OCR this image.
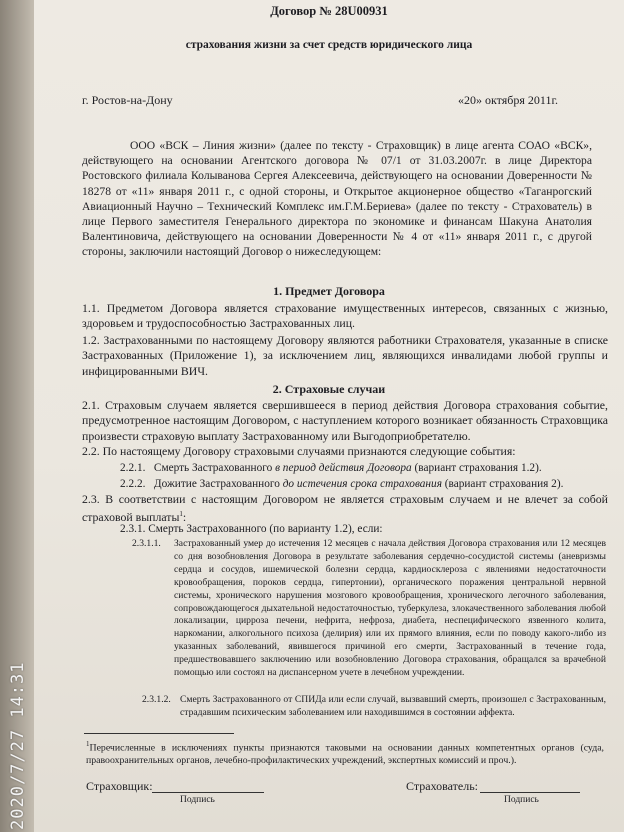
Договор № 28U00931
страхования жизни за счет средств юридического лица
г. Ростов-на-Дону	«20» октября 2011г.
ООО «ВСК – Линия жизни» (далее по тексту - Страховщик) в лице агента СОАО «ВСК», действующего на основании Агентского договора № 07/1 от 31.03.2007г. в лице Директора Ростовского филиала Колыванова Сергея Алексеевича, действующего на основании Доверенности № 18278 от «11» января 2011 г., с одной стороны, и Открытое акционерное общество «Таганрогский Авиационный Научно – Технический Комплекс им.Г.М.Бериева» (далее по тексту - Страхователь) в лице Первого заместителя Генерального директора по экономике и финансам Шакуна Анатолия Валентиновича, действующего на основании Доверенности № 4 от «11» января 2011 г., с другой стороны, заключили настоящий Договор о нижеследующем:
1. Предмет Договора
1.1. Предметом Договора является страхование имущественных интересов, связанных с жизнью, здоровьем и трудоспособностью Застрахованных лиц.
1.2. Застрахованными по настоящему Договору являются работники Страхователя, указанные в списке Застрахованных (Приложение 1), за исключением лиц, являющихся инвалидами любой группы и инфицированными ВИЧ.
2. Страховые случаи
2.1. Страховым случаем является свершившееся в период действия Договора страхования событие, предусмотренное настоящим Договором, с наступлением которого возникает обязанность Страховщика произвести страховую выплату Застрахованному или Выгодоприобретателю.
2.2. По настоящему Договору страховыми случаями признаются следующие события:
2.2.1. Смерть Застрахованного в период действия Договора (вариант страхования 1.2).
2.2.2. Дожитие Застрахованного до истечения срока страхования (вариант страхования 2).
2.3. В соответствии с настоящим Договором не является страховым случаем и не влечет за собой страховой выплаты$^1$:
2.3.1. Смерть Застрахованного (по варианту 1.2), если:
2.3.1.1. Застрахованный умер до истечения 12 месяцев с начала действия Договора страхования или 12 месяцев со дня возобновления Договора в результате заболевания сердечно-сосудистой системы (аневризмы сердца и сосудов, ишемической болезни сердца, кардиосклероза с явлениями недостаточности кровообращения, пороков сердца, гипертонии), органического поражения центральной нервной системы, хронического нарушения мозгового кровообращения, хронического легочного заболевания, сопровождающегося дыхательной недостаточностью, туберкулеза, злокачественного заболевания любой локализации, цирроза печени, нефрита, нефроза, диабета, неспецифического язвенного колита, наркомании, алкогольного психоза (делирия) или их прямого влияния, если по поводу какого-либо из указанных заболеваний, явившегося причиной его смерти, Застрахованный в течение года, предшествовавшего заключению или возобновлению Договора страхования, обращался за врачебной помощью или состоял на диспансерном учете в лечебном учреждении.
2.3.1.2. Смерть Застрахованного от СПИДа или если случай, вызвавший смерть, произошел с Застрахованным, страдавшим психическим заболеванием или находившимся в состоянии аффекта.
$^1$Перечисленные в исключениях пункты признаются таковыми на основании данных компетентных органов (суда, правоохранительных органов, лечебно-профилактических учреждений, экспертных комиссий и проч.).
Страховщик:
Подпись
Страхователь:
Подпись
2020/7/27 14:31
